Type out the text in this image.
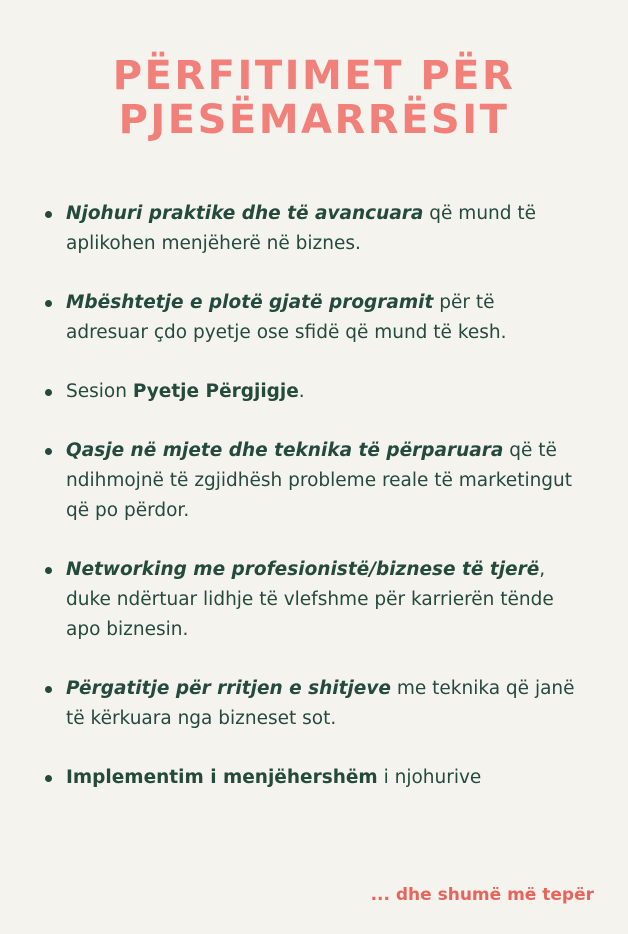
PËRFITIMET PËR
PJESËMARRËSIT
Njohuri praktike dhe të avancuara që mund të aplikohen menjëherë në biznes.
Mbështetje e plotë gjatë programit për të adresuar çdo pyetje ose sfidë që mund të kesh.
Sesion Pyetje Përgjigje.
Qasje në mjete dhe teknika të përparuara që të ndihmojnë të zgjidhësh probleme reale të marketingut që po përdor.
Networking me profesionistë/biznese të tjerë, duke ndërtuar lidhje të vlefshme për karrierën tënde apo biznesin.
Përgatitje për rritjen e shitjeve me teknika që janë të kërkuara nga bizneset sot.
Implementim i menjëhershëm i njohurive
... dhe shumë më tepër
